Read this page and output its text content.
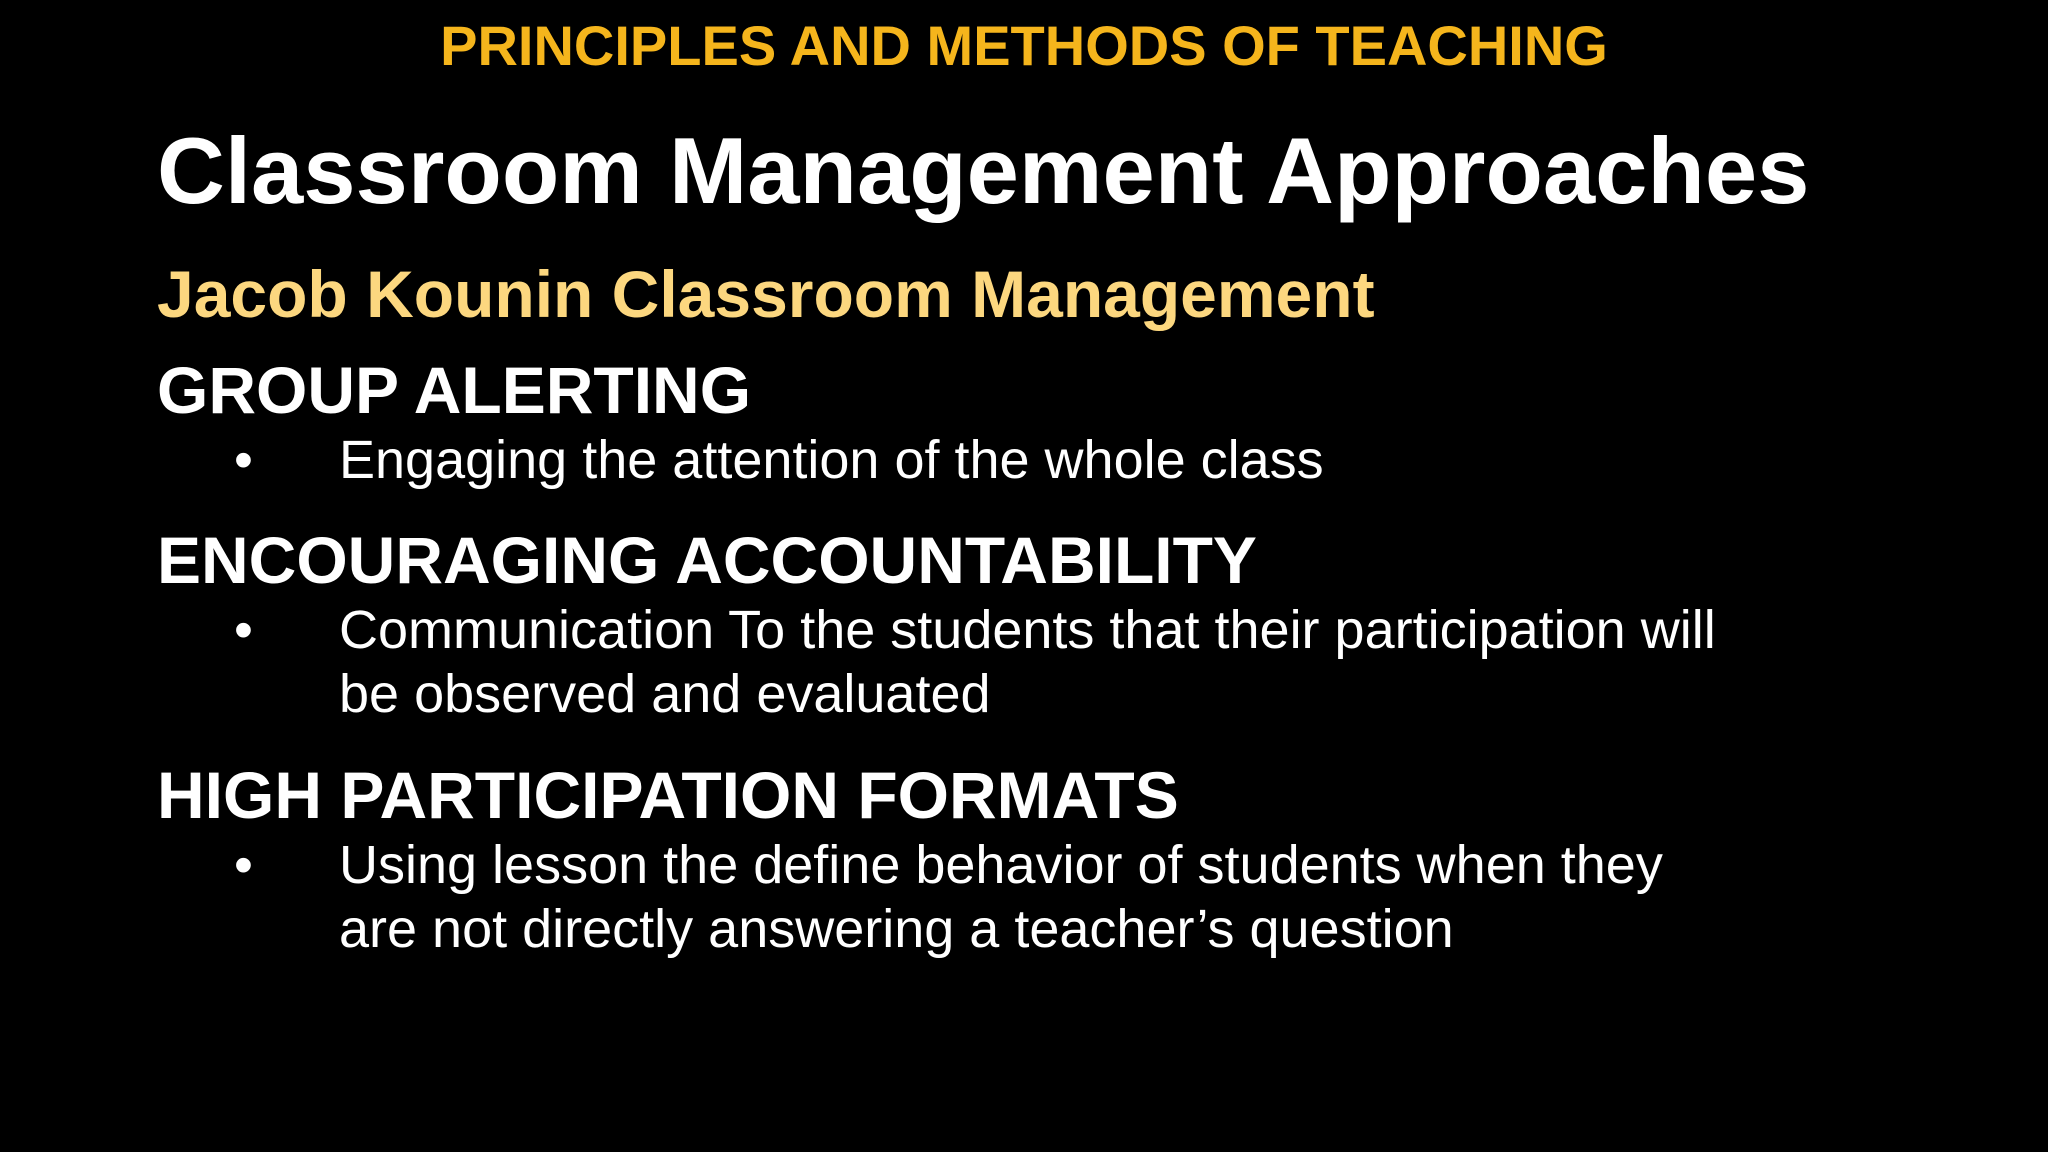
PRINCIPLES AND METHODS OF TEACHING
Classroom Management Approaches
Jacob Kounin Classroom Management

GROUP ALERTING

• Engaging the attention of the whole class

ENCOURAGING ACCOUNTABILITY

• Communication To the students that their participation will
be observed and evaluated

HIGH PARTICIPATION FORMATS

• Using lesson the define behavior of students when they
are not directly answering a teacher’s question
